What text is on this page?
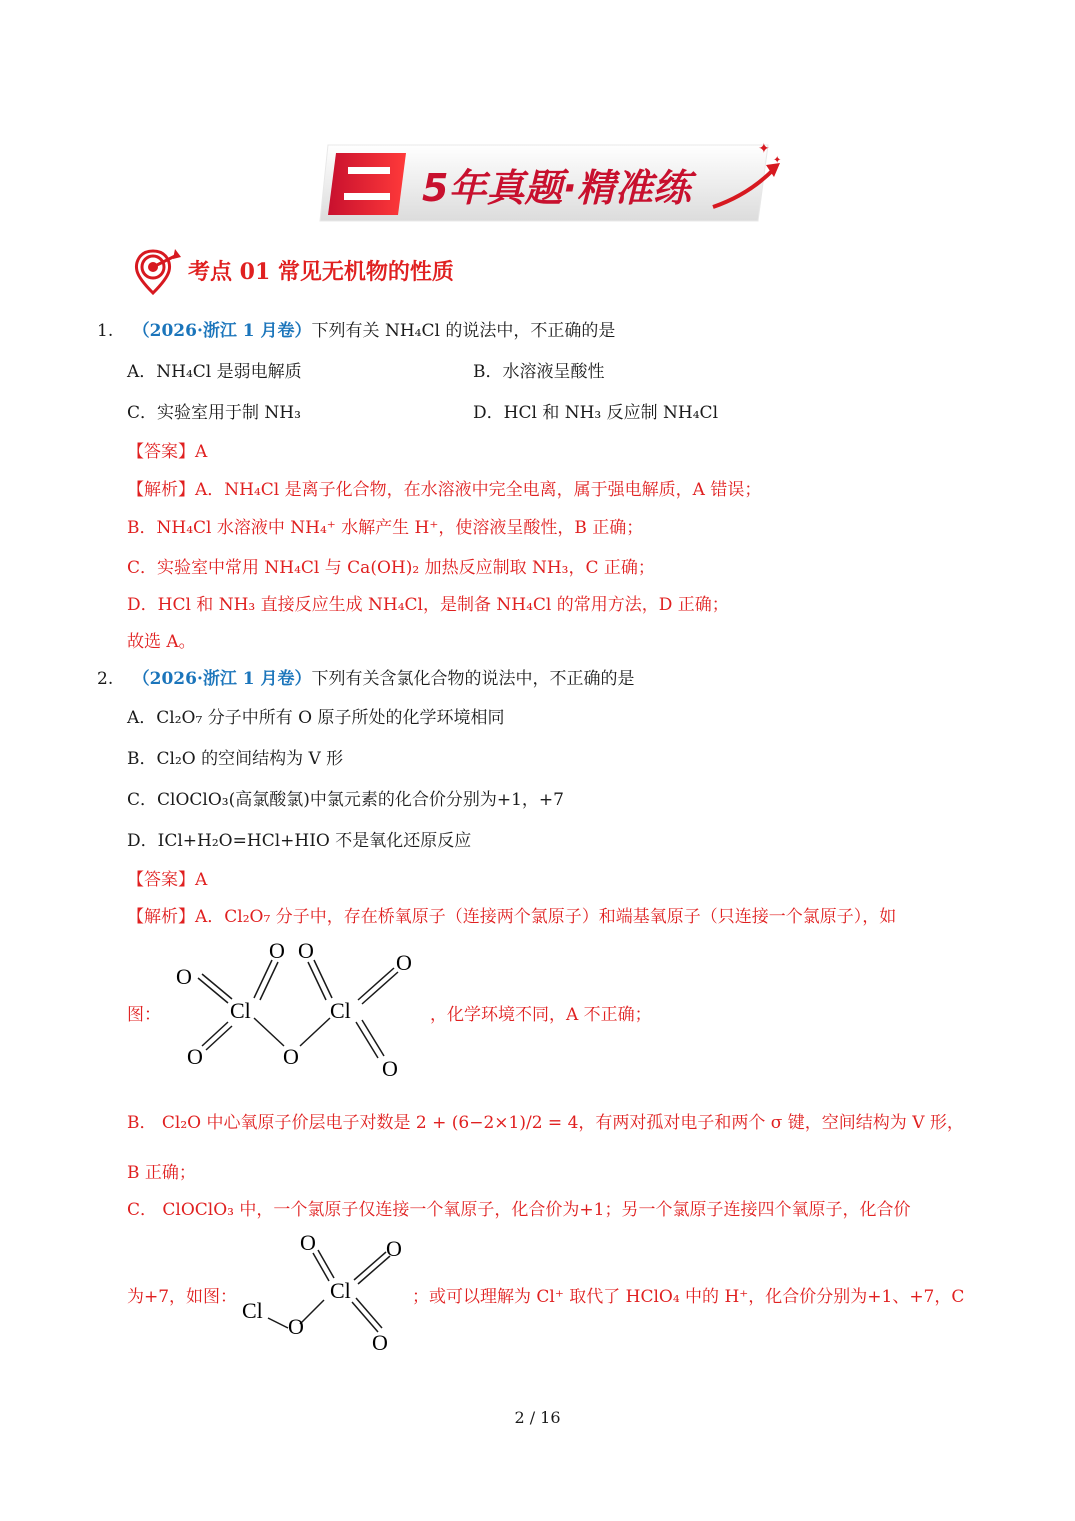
✦
✦
5年真题·精准练
考点 01 常见无机物的性质
1. （2026·浙江 1 月卷）下列有关 NH₄Cl 的说法中，不正确的是
A．NH₄Cl 是弱电解质	B．水溶液呈酸性
C．实验室用于制 NH₃	D．HCl 和 NH₃ 反应制 NH₄Cl
【答案】A
【解析】A．NH₄Cl 是离子化合物，在水溶液中完全电离，属于强电解质，A 错误；
B．NH₄Cl 水溶液中 NH₄⁺ 水解产生 H⁺，使溶液呈酸性，B 正确；
C．实验室中常用 NH₄Cl 与 Ca(OH)₂ 加热反应制取 NH₃，C 正确；
D．HCl 和 NH₃ 直接反应生成 NH₄Cl，是制备 NH₄Cl 的常用方法，D 正确；
故选 A。
2. （2026·浙江 1 月卷）下列有关含氯化合物的说法中，不正确的是
A．Cl₂O₇ 分子中所有 O 原子所处的化学环境相同
B．Cl₂O 的空间结构为 V 形
C．ClOClO₃(高氯酸氯)中氯元素的化合价分别为+1，+7
D．ICl+H₂O=HCl+HIO 不是氧化还原反应
【答案】A
【解析】A．Cl₂O₇ 分子中，存在桥氧原子（连接两个氯原子）和端基氧原子（只连接一个氯原子），如
图：
O
O O	O
Cl
O
Cl
O	O
，化学环境不同，A 不正确；
B． Cl₂O 中心氧原子价层电子对数是 2 + (6−2×1)/2 = 4，有两对孤对电子和两个 σ 键，空间结构为 V 形，
B 正确；
C． ClOClO₃ 中，一个氯原子仅连接一个氧原子，化合价为+1；另一个氯原子连接四个氧原子，化合价
为+7，如图：
O	O
Cl
Cl
O
O
；或可以理解为 Cl⁺ 取代了 HClO₄ 中的 H⁺，化合价分别为+1、+7，C
2 / 16
